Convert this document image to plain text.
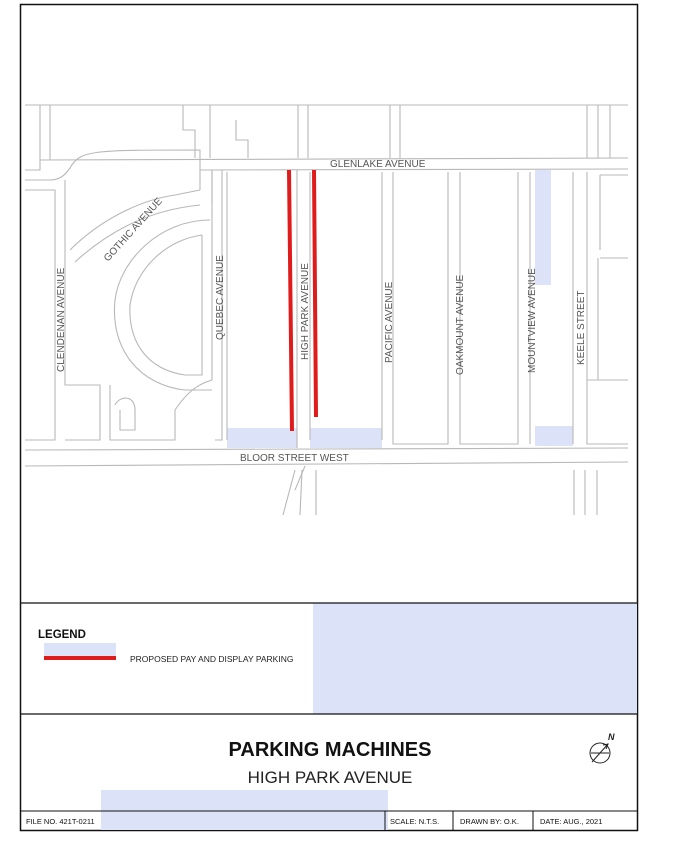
GLENLAKE AVENUE
GOTHIC AVENUE
CLENDENAN AVENUE	QUEBEC AVENUE	HIGH PARK AVENUE	PACIFIC AVENUE	OAKMOUNT AVENUE	MOUNTVIEW AVENUE	KEELE STREET
BLOOR STREET WEST
LEGEND
PROPOSED PAY AND DISPLAY PARKING
PARKING MACHINES
HIGH PARK AVENUE
N
FILE NO. 421T-0211	SCALE: N.T.S.	DRAWN BY: O.K.	DATE: AUG., 2021
